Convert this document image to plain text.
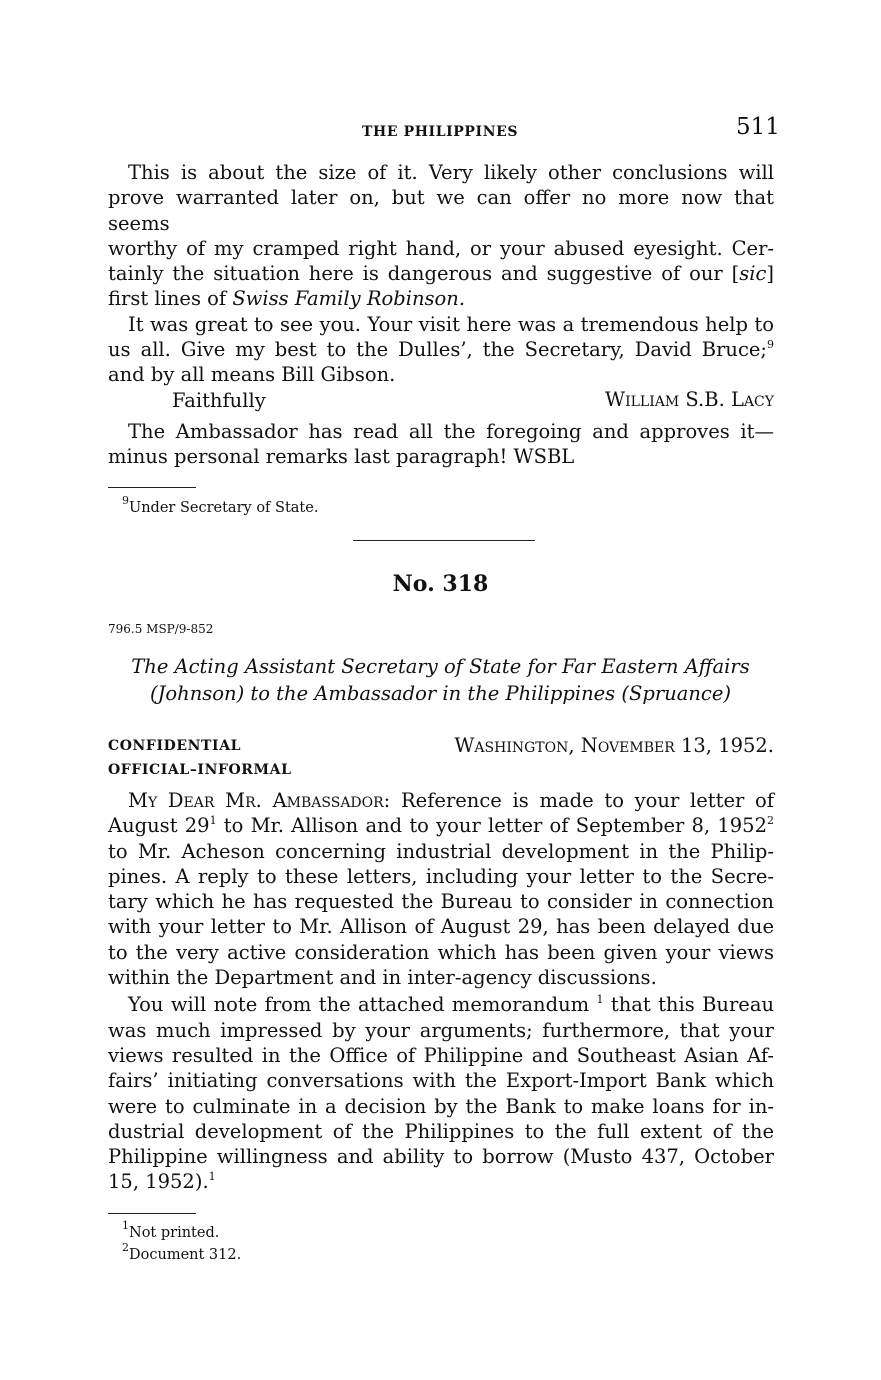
THE PHILIPPINES	511
This is about the size of it. Very likely other conclusions will
prove warranted later on, but we can offer no more now that seems
worthy of my cramped right hand, or your abused eyesight. Cer-
tainly the situation here is dangerous and suggestive of our [sic]
first lines of Swiss Family Robinson.
It was great to see you. Your visit here was a tremendous help to
us all. Give my best to the Dulles’, the Secretary, David Bruce;$^9$
and by all means Bill Gibson.
Faithfully	William S.B. Lacy
The Ambassador has read all the foregoing and approves it—
minus personal remarks last paragraph! WSBL
$^9$Under Secretary of State.
No. 318
796.5 MSP/9-852
The Acting Assistant Secretary of State for Far Eastern Affairs
(Johnson) to the Ambassador in the Philippines (Spruance)
CONFIDENTIAL
OFFICIAL–INFORMAL
Washington, November 13, 1952.
My Dear Mr. Ambassador: Reference is made to your letter of
August $29^1$ to Mr. Allison and to your letter of September 8, 1952$^2$
to Mr. Acheson concerning industrial development in the Philip-
pines. A reply to these letters, including your letter to the Secre-
tary which he has requested the Bureau to consider in connection
with your letter to Mr. Allison of August 29, has been delayed due
to the very active consideration which has been given your views
within the Department and in inter-agency discussions.
You will note from the attached memorandum $^1$ that this Bureau
was much impressed by your arguments; furthermore, that your
views resulted in the Office of Philippine and Southeast Asian Af-
fairs’ initiating conversations with the Export-Import Bank which
were to culminate in a decision by the Bank to make loans for in-
dustrial development of the Philippines to the full extent of the
Philippine willingness and ability to borrow (Musto 437, October
15, 1952).$^1$
$^1$Not printed.
$^2$Document 312.
